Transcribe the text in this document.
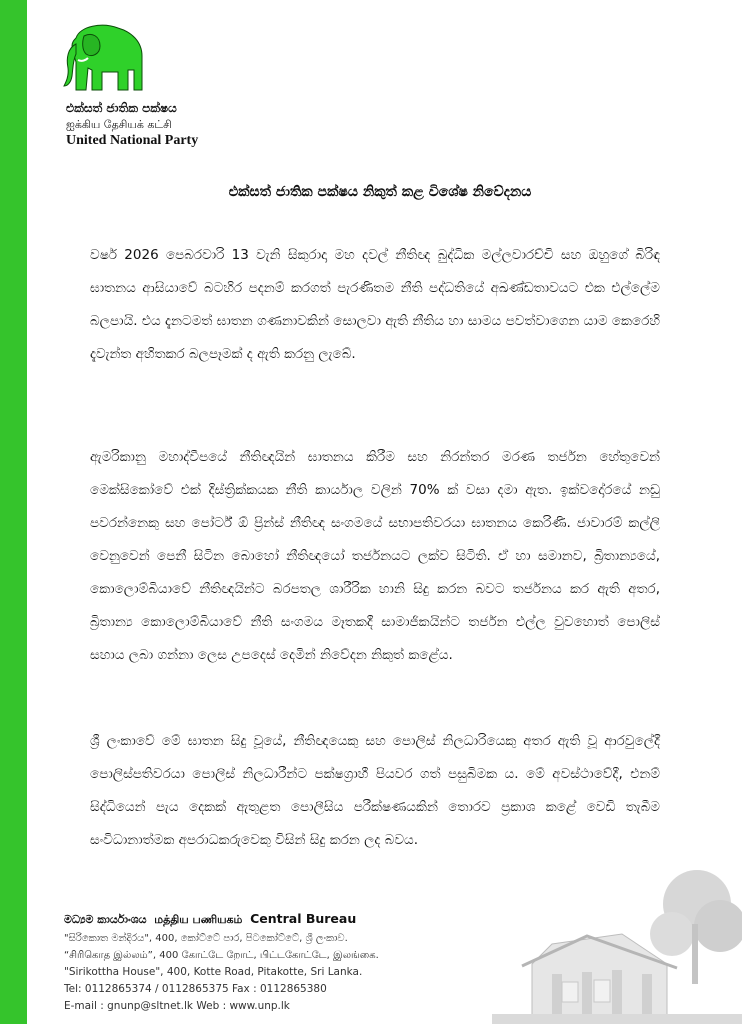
එක්සත් ජාතික පක්ෂය
ஐக்கிய தேசியக் கட்சி
United National Party
එක්සත් ජාතික පක්ෂය නිකුත් කළ විශේෂ නිවේදනය
වර්ෂ 2026 පෙබරවාරි 13 වැනි සිකුරාදා මහ දවල් නීතිඥ බුද්ධික මල්ලවාරච්චි සහ ඔහුගේ බිරිඳ ඝාතනය ආසියාවේ බටහිර පදනම් කරගත් පැරණිතම නීති පද්ධතියේ අඛණ්ඩතාවයට එක එල්ලේම බලපායි. එය දැනටමත් ඝාතන ගණනාවකින් සොලවා ඇති නීතිය හා සාමය පවත්වාගෙන යාම කෙරෙහි දැවැන්ත අහිතකර බලපෑමක් ද ඇති කරනු ලැබේ.
ඇමරිකානු මහාද්වීපයේ නීතිඥයින් ඝාතනය කිරීම සහ නිරන්තර මරණ තර්ජන හේතුවෙන් මෙක්සිකෝවේ එක් දිස්ත්‍රික්කයක නීති කාර්යාල වලින් 70% ක් වසා දමා ඇත. ඉක්වදෝරයේ නඩු පවරන්නෙකු සහ පෝර්ට් ඕ ප්‍රින්ස් නීතිඥ සංගමයේ සභාපතිවරයා ඝාතනය කෙරිණි. ජාවාරම් කල්ලි වෙනුවෙන් පෙනී සිටින බොහෝ නීතිඥයෝ තර්ජනයට ලක්ව සිටිති. ඒ හා සමානව, බ්‍රිතාන්‍යයේ, කොලොම්බියාවේ නීතිඥයින්ට බරපතල ශාරීරික හානි සිදු කරන බවට තර්ජනය කර ඇති අතර, බ්‍රිතාන්‍ය කොලොම්බියාවේ නීති සංගමය මෑතකදී සාමාජිකයින්ට තර්ජන එල්ල වුවහොත් පොලිස් සහාය ලබා ගන්නා ලෙස උපදෙස් දෙමින් නිවේදන නිකුත් කළේය.
ශ්‍රී ලංකාවේ මේ ඝාතන සිදු වූයේ, නීතිඥයෙකු සහ පොලිස් නිලධාරියෙකු අතර ඇති වූ ආරවුලේදී පොලිස්පතිවරයා පොලිස් නිලධාරීන්ට පක්ෂග්‍රාහී පියවර ගත් පසුබිමක ය. මේ අවස්ථාවේදී, එනම් සිද්ධියෙන් පැය දෙකක් ඇතුළත පොලීසිය පරීක්ෂණයකින් තොරව ප්‍රකාශ කළේ වෙඩි තැබීම සංවිධානාත්මක අපරාධකරුවෙකු විසින් සිදු කරන ලද බවය.
මධ්‍යම කාර්යාංශය மத்திய பணியகம் Central Bureau
"සිරිකොත මන්දිරය", 400, කෝට්ටේ පාර, පිටකෝට්ටේ, ශ්‍රී ලංකාව.
“சிரிகொத இல்லம்”, 400 கோட்டே றோட், பிட்டகோட்டே, இலங்கை.
"Sirikottha House", 400, Kotte Road, Pitakotte, Sri Lanka.
Tel: 0112865374 / 0112865375 Fax : 0112865380
E-mail : gnunp@sltnet.lk Web : www.unp.lk
